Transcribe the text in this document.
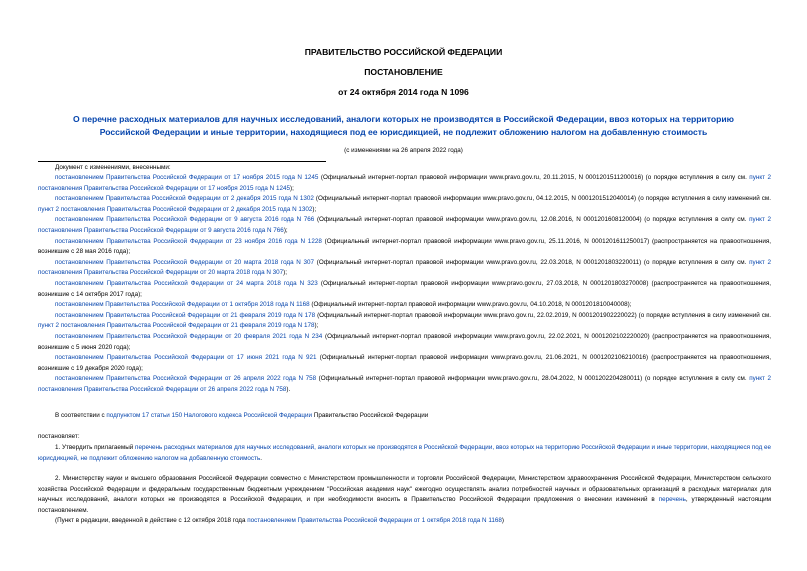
ПРАВИТЕЛЬСТВО РОССИЙСКОЙ ФЕДЕРАЦИИ
ПОСТАНОВЛЕНИЕ
от 24 октября 2014 года N 1096
О перечне расходных материалов для научных исследований, аналоги которых не производятся в Российской Федерации, ввоз которых на территорию Российской Федерации и иные территории, находящиеся под ее юрисдикцией, не подлежит обложению налогом на добавленную стоимость
(с изменениями на 26 апреля 2022 года)
Документ с изменениями, внесенными:
постановлением Правительства Российской Федерации от 17 ноября 2015 года N 1245 (Официальный интернет-портал правовой информации www.pravo.gov.ru, 20.11.2015, N 0001201511200016) (о порядке вступления в силу см. пункт 2 постановления Правительства Российской Федерации от 17 ноября 2015 года N 1245);
постановлением Правительства Российской Федерации от 2 декабря 2015 года N 1302 (Официальный интернет-портал правовой информации www.pravo.gov.ru, 04.12.2015, N 0001201512040014) (о порядке вступления в силу изменений см. пункт 2 постановления Правительства Российской Федерации от 2 декабря 2015 года N 1302);
постановлением Правительства Российской Федерации от 9 августа 2016 года N 766 (Официальный интернет-портал правовой информации www.pravo.gov.ru, 12.08.2016, N 0001201608120004) (о порядке вступления в силу см. пункт 2 постановления Правительства Российской Федерации от 9 августа 2016 года N 766);
постановлением Правительства Российской Федерации от 23 ноября 2016 года N 1228 (Официальный интернет-портал правовой информации www.pravo.gov.ru, 25.11.2016, N 0001201611250017) (распространяется на правоотношения, возникшие с 28 мая 2016 года);
постановлением Правительства Российской Федерации от 20 марта 2018 года N 307 (Официальный интернет-портал правовой информации www.pravo.gov.ru, 22.03.2018, N 0001201803220011) (о порядке вступления в силу см. пункт 2 постановления Правительства Российской Федерации от 20 марта 2018 года N 307);
постановлением Правительства Российской Федерации от 24 марта 2018 года N 323 (Официальный интернет-портал правовой информации www.pravo.gov.ru, 27.03.2018, N 0001201803270008) (распространяется на правоотношения, возникшие с 14 октября 2017 года);
постановлением Правительства Российской Федерации от 1 октября 2018 года N 1168 (Официальный интернет-портал правовой информации www.pravo.gov.ru, 04.10.2018, N 0001201810040008);
постановлением Правительства Российской Федерации от 21 февраля 2019 года N 178 (Официальный интернет-портал правовой информации www.pravo.gov.ru, 22.02.2019, N 0001201902220022) (о порядке вступления в силу изменений см. пункт 2 постановления Правительства Российской Федерации от 21 февраля 2019 года N 178);
постановлением Правительства Российской Федерации от 20 февраля 2021 года N 234 (Официальный интернет-портал правовой информации www.pravo.gov.ru, 22.02.2021, N 0001202102220020) (распространяется на правоотношения, возникшие с 5 июня 2020 года);
постановлением Правительства Российской Федерации от 17 июня 2021 года N 921 (Официальный интернет-портал правовой информации www.pravo.gov.ru, 21.06.2021, N 0001202106210016) (распространяется на правоотношения, возникшие с 19 декабря 2020 года);
постановлением Правительства Российской Федерации от 26 апреля 2022 года N 758 (Официальный интернет-портал правовой информации www.pravo.gov.ru, 28.04.2022, N 0001202204280011) (о порядке вступления в силу см. пункт 2 постановления Правительства Российской Федерации от 26 апреля 2022 года N 758).
В соответствии с подпунктом 17 статьи 150 Налогового кодекса Российской Федерации Правительство Российской Федерации
постановляет:
1. Утвердить прилагаемый перечень расходных материалов для научных исследований, аналоги которых не производятся в Российской Федерации, ввоз которых на территорию Российской Федерации и иные территории, находящиеся под ее юрисдикцией, не подлежит обложению налогом на добавленную стоимость.
2. Министерству науки и высшего образования Российской Федерации совместно с Министерством промышленности и торговли Российской Федерации, Министерством здравоохранения Российской Федерации, Министерством сельского хозяйства Российской Федерации и федеральным государственным бюджетным учреждением "Российская академия наук" ежегодно осуществлять анализ потребностей научных и образовательных организаций в расходных материалах для научных исследований, аналоги которых не производятся в Российской Федерации, и при необходимости вносить в Правительство Российской Федерации предложения о внесении изменений в перечень, утвержденный настоящим постановлением.
(Пункт в редакции, введенной в действие с 12 октября 2018 года постановлением Правительства Российской Федерации от 1 октября 2018 года N 1168)
